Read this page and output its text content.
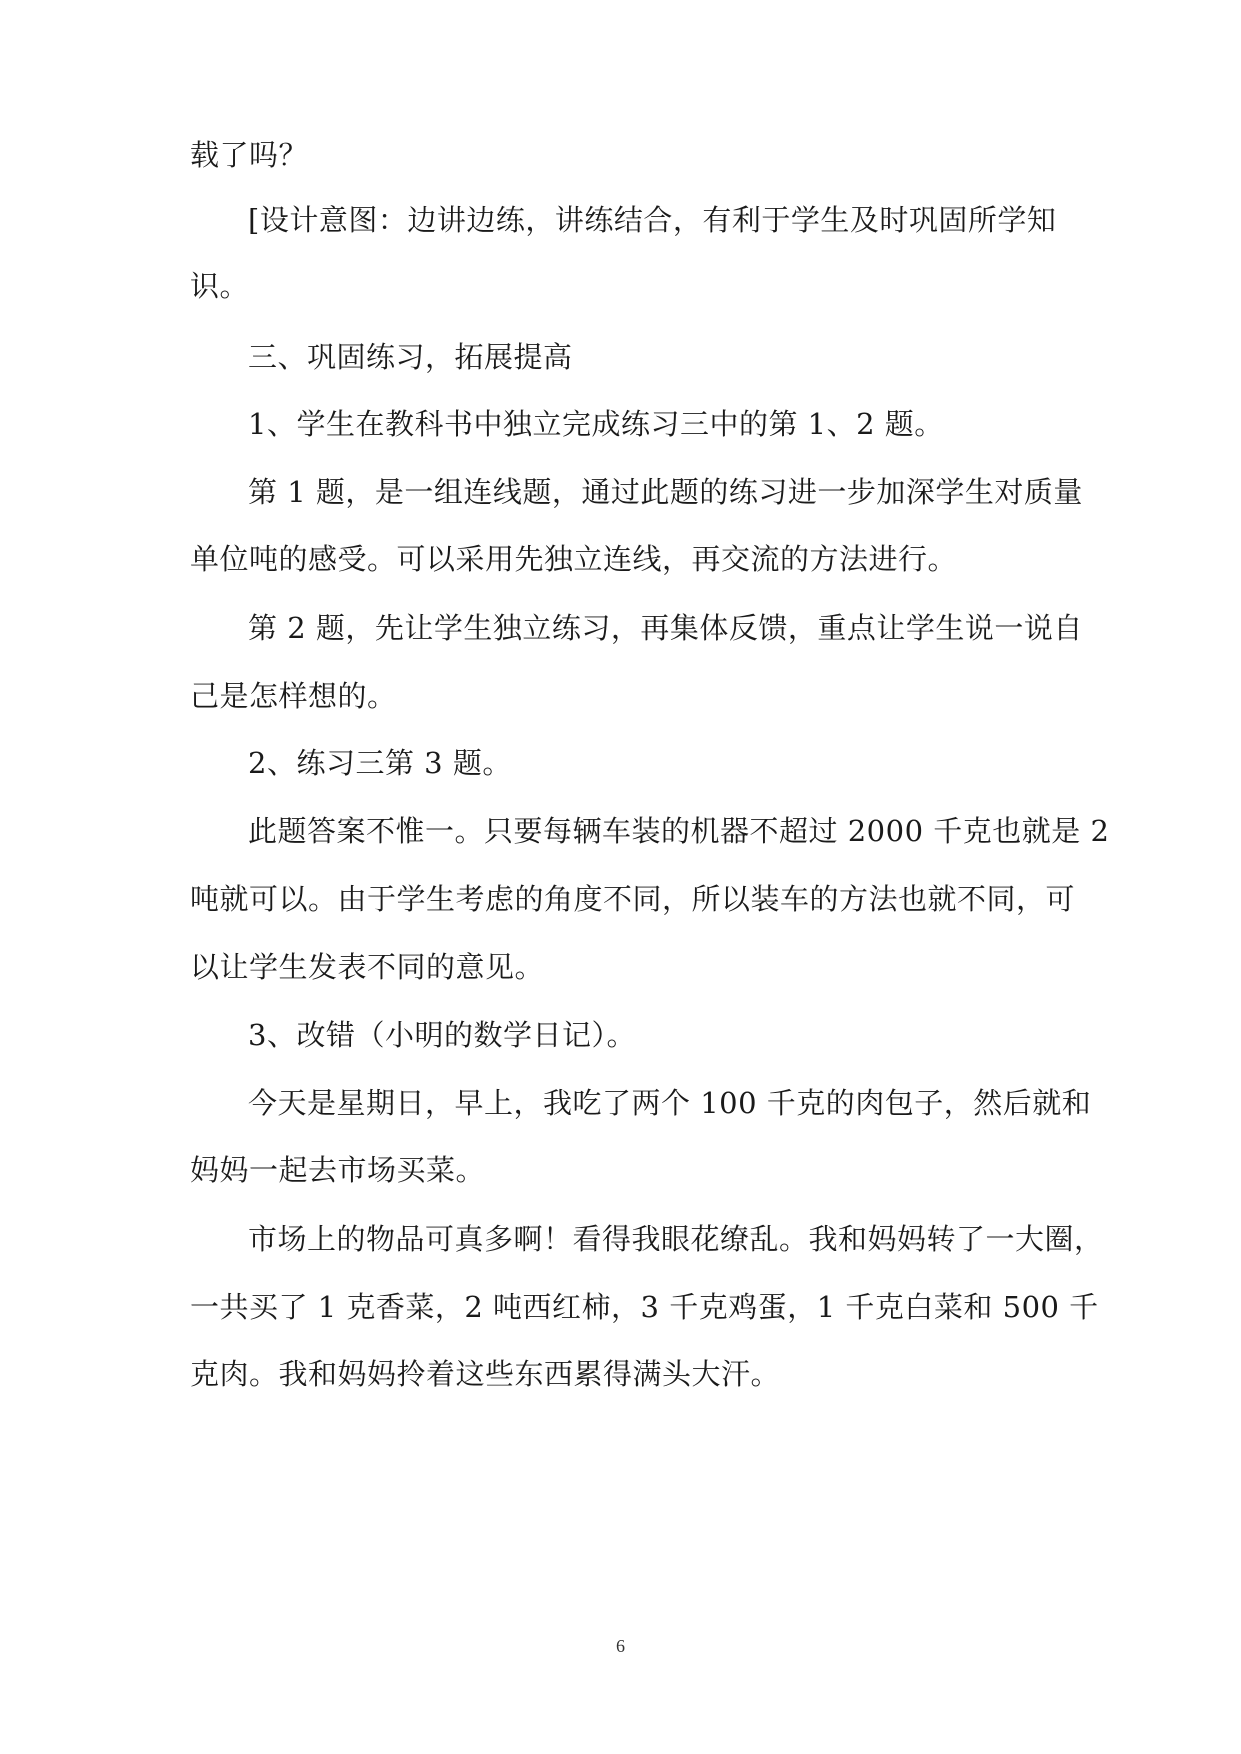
载了吗？
[设计意图：边讲边练，讲练结合，有利于学生及时巩固所学知
识。
三、巩固练习，拓展提高
1、学生在教科书中独立完成练习三中的第 1、2 题。
第 1 题，是一组连线题，通过此题的练习进一步加深学生对质量
单位吨的感受。可以采用先独立连线，再交流的方法进行。
第 2 题，先让学生独立练习，再集体反馈，重点让学生说一说自
己是怎样想的。
2、练习三第 3 题。
此题答案不惟一。只要每辆车装的机器不超过 2000 千克也就是 2
吨就可以。由于学生考虑的角度不同，所以装车的方法也就不同，可
以让学生发表不同的意见。
3、改错（小明的数学日记）。
今天是星期日，早上，我吃了两个 100 千克的肉包子，然后就和
妈妈一起去市场买菜。
市场上的物品可真多啊！看得我眼花缭乱。我和妈妈转了一大圈，
一共买了 1 克香菜，2 吨西红柿，3 千克鸡蛋，1 千克白菜和 500 千
克肉。我和妈妈拎着这些东西累得满头大汗。
6
